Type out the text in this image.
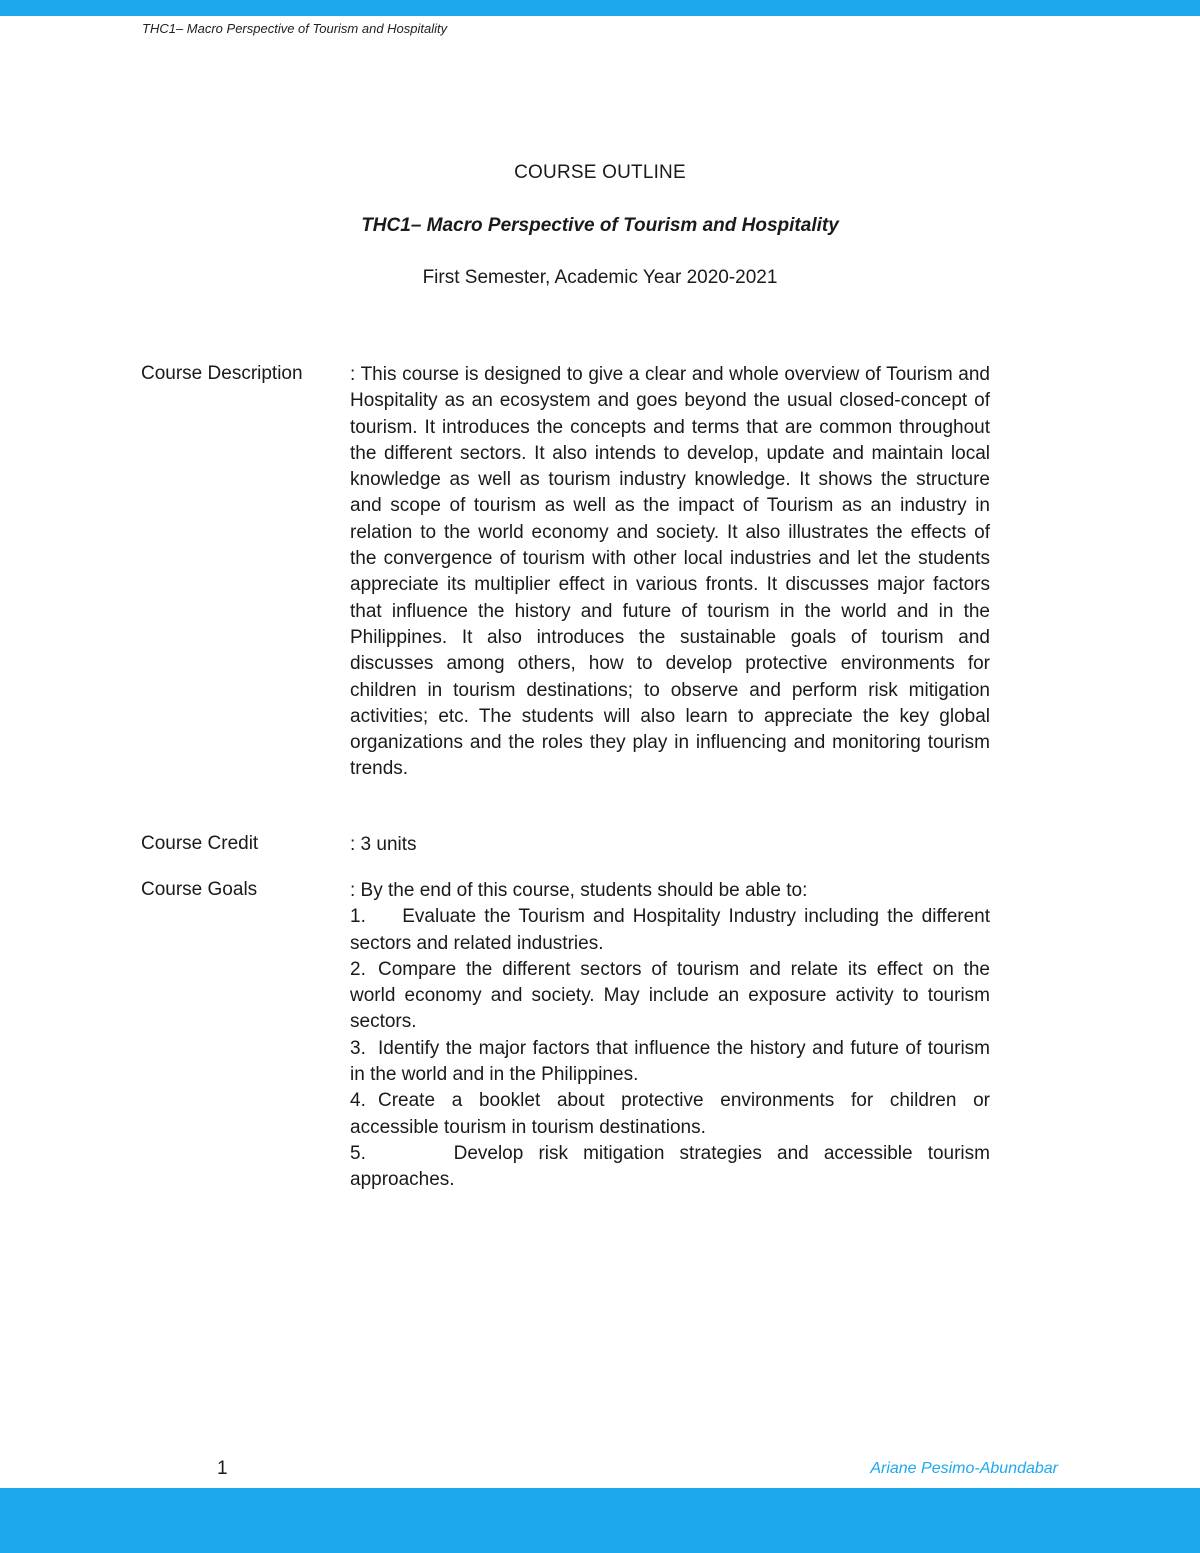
THC1– Macro Perspective of Tourism and Hospitality
COURSE OUTLINE
THC1– Macro Perspective of Tourism and Hospitality
First Semester, Academic Year 2020-2021
Course Description : This course is designed to give a clear and whole overview of Tourism and Hospitality as an ecosystem and goes beyond the usual closed-concept of tourism. It introduces the concepts and terms that are common throughout the different sectors. It also intends to develop, update and maintain local knowledge as well as tourism industry knowledge. It shows the structure and scope of tourism as well as the impact of Tourism as an industry in relation to the world economy and society. It also illustrates the effects of the convergence of tourism with other local industries and let the students appreciate its multiplier effect in various fronts. It discusses major factors that influence the history and future of tourism in the world and in the Philippines. It also introduces the sustainable goals of tourism and discusses among others, how to develop protective environments for children in tourism destinations; to observe and perform risk mitigation activities; etc. The students will also learn to appreciate the key global organizations and the roles they play in influencing and monitoring tourism trends.
Course Credit	: 3 units
Course Goals	: By the end of this course, students should be able to:

1. Evaluate the Tourism and Hospitality Industry including the different sectors and related industries.

2. Compare the different sectors of tourism and relate its effect on the world economy and society. May include an exposure activity to tourism sectors.

3. Identify the major factors that influence the history and future of tourism in the world and in the Philippines.

4. Create a booklet about protective environments for children or accessible tourism in tourism destinations.

5.	Develop risk mitigation strategies and accessible tourism approaches.

1	Ariane Pesimo-Abundabar
